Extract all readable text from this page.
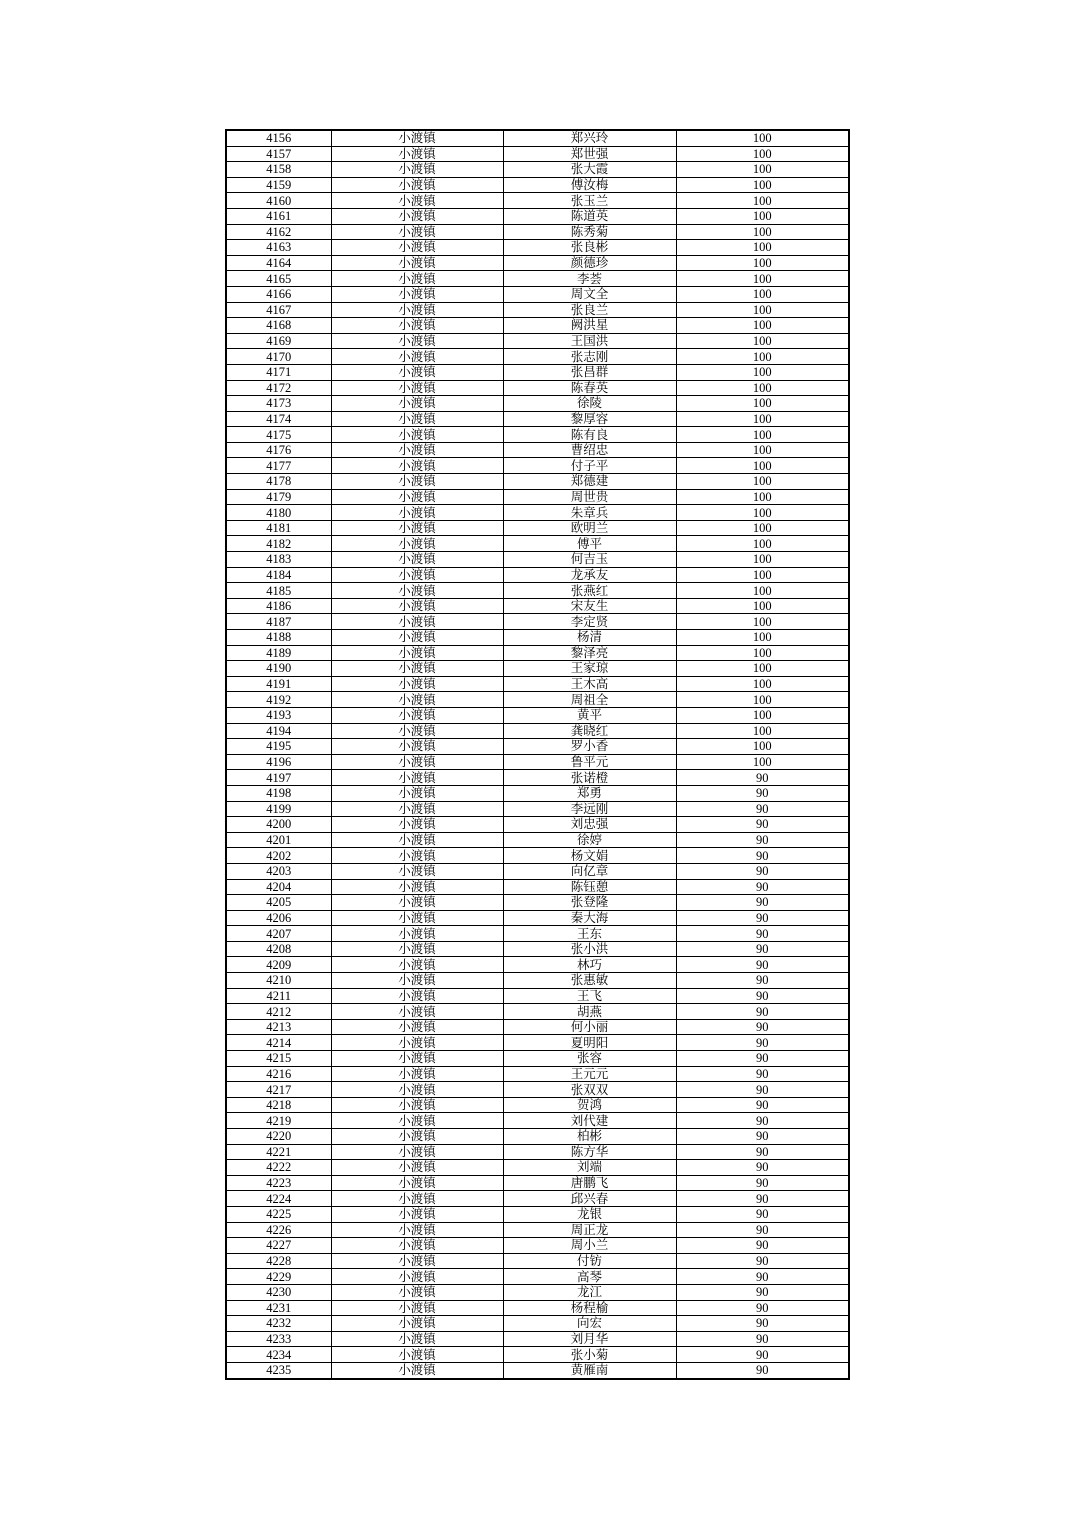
4156	小渡镇	郑兴玲	100
4157	小渡镇	郑世强	100
4158	小渡镇	张大霞	100
4159	小渡镇	傅汝梅	100
4160	小渡镇	张玉兰	100
4161	小渡镇	陈道英	100
4162	小渡镇	陈秀菊	100
4163	小渡镇	张良彬	100
4164	小渡镇	颜德珍	100
4165	小渡镇	李荟	100
4166	小渡镇	周文全	100
4167	小渡镇	张良兰	100
4168	小渡镇	阙洪星	100
4169	小渡镇	王国洪	100
4170	小渡镇	张志刚	100
4171	小渡镇	张昌群	100
4172	小渡镇	陈春英	100
4173	小渡镇	徐陵	100
4174	小渡镇	黎厚容	100
4175	小渡镇	陈有良	100
4176	小渡镇	曹绍忠	100
4177	小渡镇	付子平	100
4178	小渡镇	郑德建	100
4179	小渡镇	周世贵	100
4180	小渡镇	朱章兵	100
4181	小渡镇	欧明兰	100
4182	小渡镇	傅平	100
4183	小渡镇	何吉玉	100
4184	小渡镇	龙承友	100
4185	小渡镇	张燕红	100
4186	小渡镇	宋友生	100
4187	小渡镇	李定贤	100
4188	小渡镇	杨清	100
4189	小渡镇	黎泽亮	100
4190	小渡镇	王家琼	100
4191	小渡镇	王木高	100
4192	小渡镇	周祖全	100
4193	小渡镇	黄平	100
4194	小渡镇	龚晓红	100
4195	小渡镇	罗小香	100
4196	小渡镇	鲁平元	100
4197	小渡镇	张诺橙	90
4198	小渡镇	郑勇	90
4199	小渡镇	李远刚	90
4200	小渡镇	刘忠强	90
4201	小渡镇	徐婷	90
4202	小渡镇	杨文娟	90
4203	小渡镇	向亿章	90
4204	小渡镇	陈钰憩	90
4205	小渡镇	张登隆	90
4206	小渡镇	秦大海	90
4207	小渡镇	王东	90
4208	小渡镇	张小洪	90
4209	小渡镇	林巧	90
4210	小渡镇	张惠敏	90
4211	小渡镇	王飞	90
4212	小渡镇	胡燕	90
4213	小渡镇	何小丽	90
4214	小渡镇	夏明阳	90
4215	小渡镇	张容	90
4216	小渡镇	王元元	90
4217	小渡镇	张双双	90
4218	小渡镇	贺鸿	90
4219	小渡镇	刘代建	90
4220	小渡镇	柏彬	90
4221	小渡镇	陈方华	90
4222	小渡镇	刘端	90
4223	小渡镇	唐鹏飞	90
4224	小渡镇	邱兴春	90
4225	小渡镇	龙银	90
4226	小渡镇	周正龙	90
4227	小渡镇	周小兰	90
4228	小渡镇	付钫	90
4229	小渡镇	高琴	90
4230	小渡镇	龙江	90
4231	小渡镇	杨程榆	90
4232	小渡镇	向宏	90
4233	小渡镇	刘月华	90
4234	小渡镇	张小菊	90
4235	小渡镇	黄雁南	90
